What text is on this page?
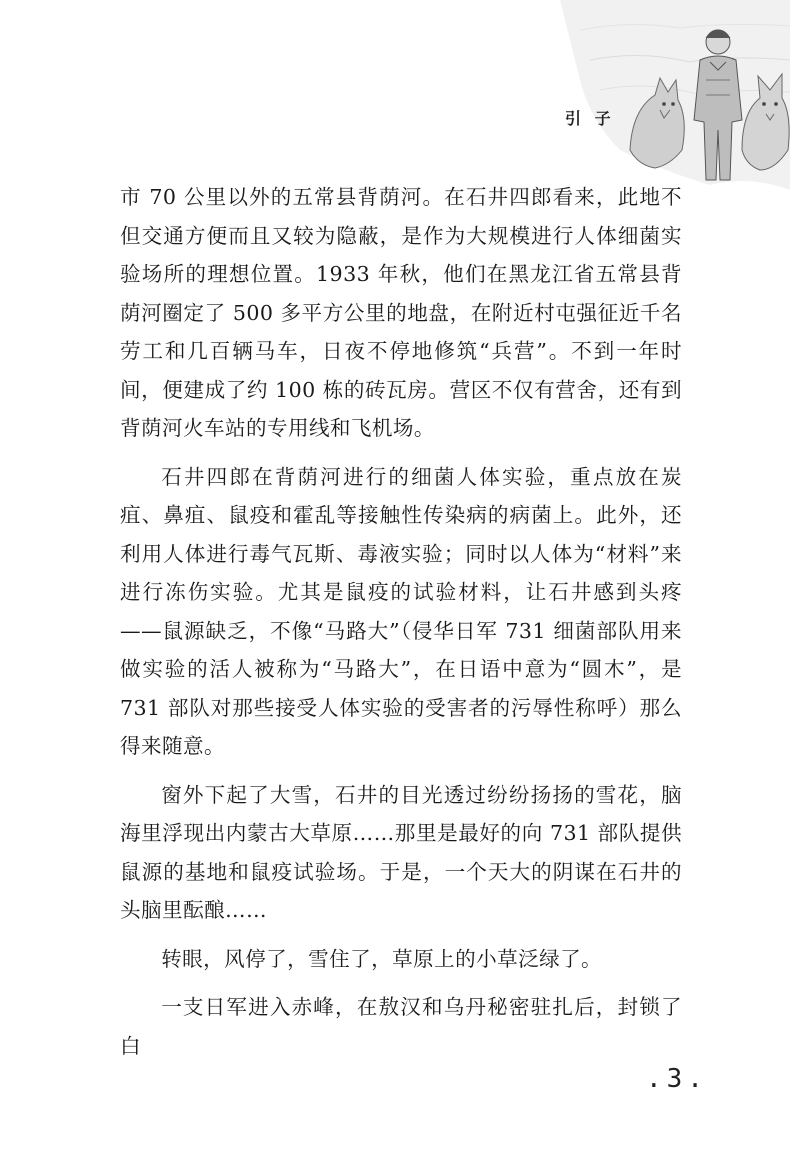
引 子

市 70 公里以外的五常县背荫河。在石井四郎看来，此地不但交通方便而且又较为隐蔽，是作为大规模进行人体细菌实验场所的理想位置。1933 年秋，他们在黑龙江省五常县背荫河圈定了 500 多平方公里的地盘，在附近村屯强征近千名劳工和几百辆马车，日夜不停地修筑“兵营”。不到一年时间，便建成了约 100 栋的砖瓦房。营区不仅有营舍，还有到背荫河火车站的专用线和飞机场。

石井四郎在背荫河进行的细菌人体实验，重点放在炭疽、鼻疽、鼠疫和霍乱等接触性传染病的病菌上。此外，还利用人体进行毒气瓦斯、毒液实验；同时以人体为“材料”来进行冻伤实验。尤其是鼠疫的试验材料，让石井感到头疼——鼠源缺乏，不像“马路大”（侵华日军 731 细菌部队用来做实验的活人被称为“马路大”，在日语中意为“圆木”，是 731 部队对那些接受人体实验的受害者的污辱性称呼）那么得来随意。

窗外下起了大雪，石井的目光透过纷纷扬扬的雪花，脑海里浮现出内蒙古大草原……那里是最好的向 731 部队提供鼠源的基地和鼠疫试验场。于是，一个天大的阴谋在石井的头脑里酝酿……

转眼，风停了，雪住了，草原上的小草泛绿了。

一支日军进入赤峰，在敖汉和乌丹秘密驻扎后，封锁了白

.3.
